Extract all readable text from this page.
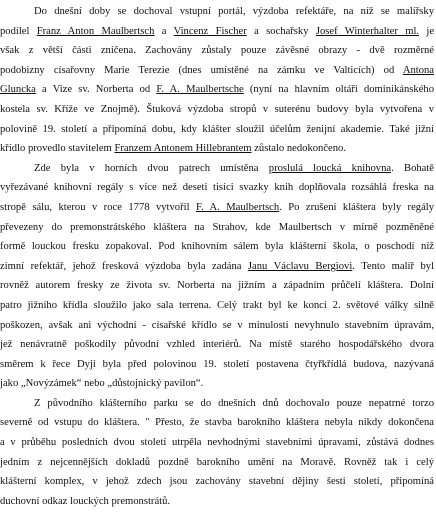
Do dnešní doby se dochoval vstupní portál, výzdoba refektáře, na níž se malířsky
podílel Franz Anton Maulbertsch a Vincenz Fischer a sochařsky Josef Winterhalter ml. je
však z větší části zničena. Zachovány zůstaly pouze závěsné obrazy - dvě rozměrné
podobizny císařovny Marie Terezie (dnes umístěné na zámku ve Valticích) od Antona
Gluncka a Vize sv. Norberta od F. A. Maulbertsche (nyní na hlavním oltáři dominikánského
kostela sv. Kříže ve Znojmě). Štuková výzdoba stropů v suterénu budovy byla vytvořena v
polovině 19. století a připomíná dobu, kdy klášter sloužil účelům ženijní akademie. Také jižní
křídlo provedlo stavitelem Franzem Antonem Hillebrantem zůstalo nedokončeno.
Zde byla v horních dvou patrech umístěna proslulá loucká knihovna. Bohatě
vyřezávané knihovní regály s více než deseti tisíci svazky knih doplňovala rozsáhlá freska na
stropě sálu, kterou v roce 1778 vytvořil F. A. Maulbertsch. Po zrušení kláštera byly regály
převezeny do premonstrátského kláštera na Strahov, kde Maulbertsch v mírně pozměněné
formě louckou fresku zopakoval. Pod knihovním sálem byla klášterní škola, o poschodí níž
zimní refektář, jehož fresková výzdoba byla zadána Janu Václavu Bergiovi. Tento malíř byl
rovněž autorem fresky ze života sv. Norberta na jižním a západním průčelí kláštera. Dolní
patro jižního křídla sloužilo jako sala terrena. Celý trakt byl ke konci 2. světové války silně
poškozen, avšak ani východní - císařské křídlo se v minulosti nevyhnulo stavebním úpravám,
jež nenávratně poškodily původní vzhled interiérů. Na místě starého hospodářského dvora
směrem k řece Dyji byla před polovinou 19. století postavena čtyřkřídlá budova, nazývaná
jako „Novýzámek“ nebo „důstojnický pavilon“.
Z původního klášterního parku se do dnešních dnů dochovalo pouze nepatrné torzo
severně od vstupu do kláštera. " Přesto, že stavba barokního kláštera nebyla nikdy dokončena
a v průběhu posledních dvou století utrpěla nevhodnými stavebními úpravami, zůstává dodnes
jedním z nejcennějších dokladů pozdně barokního umění na Moravě. Rovněž tak i celý
klášterní komplex, v jehož zdech jsou zachovány stavební dějiny šesti století, připomíná
duchovní odkaz louckých premonstrátů.
